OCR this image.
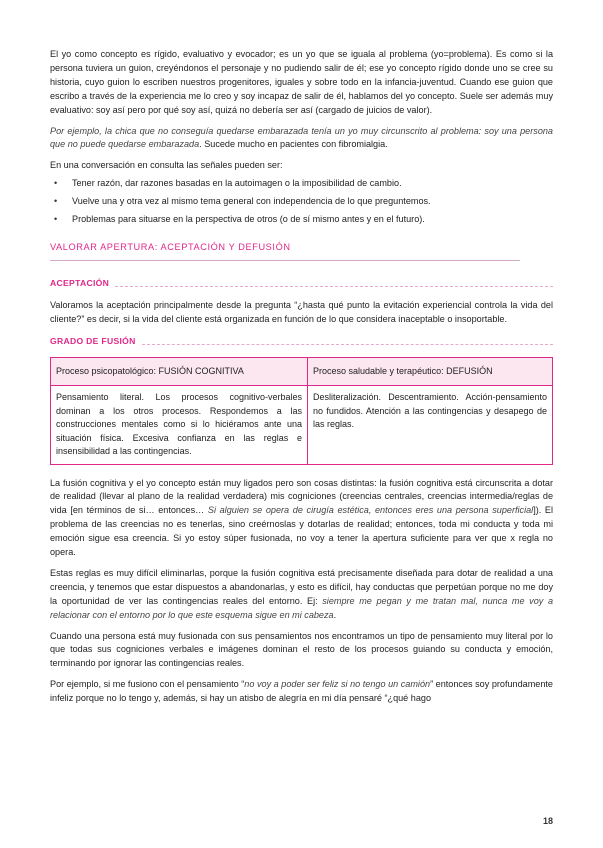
El yo como concepto es rígido, evaluativo y evocador; es un yo que se iguala al problema (yo=problema). Es como si la persona tuviera un guion, creyéndonos el personaje y no pudiendo salir de él; ese yo concepto rígido donde uno se cree su historia, cuyo guion lo escriben nuestros progenitores, iguales y sobre todo en la infancia-juventud. Cuando ese guion que escribo a través de la experiencia me lo creo y soy incapaz de salir de él, hablamos del yo concepto. Suele ser además muy evaluativo: soy así pero por qué soy así, quizá no debería ser así (cargado de juicios de valor).

Por ejemplo, la chica que no conseguía quedarse embarazada tenía un yo muy circunscrito al problema: soy una persona que no puede quedarse embarazada. Sucede mucho en pacientes con fibromialgia.

En una conversación en consulta las señales pueden ser:

• Tener razón, dar razones basadas en la autoimagen o la imposibilidad de cambio.
• Vuelve una y otra vez al mismo tema general con independencia de lo que preguntemos.
• Problemas para situarse en la perspectiva de otros (o de sí mismo antes y en el futuro).
VALORAR APERTURA: ACEPTACIÓN Y DEFUSIÓN
ACEPTACIÓN

Valoramos la aceptación principalmente desde la pregunta “¿hasta qué punto la evitación experiencial controla la vida del cliente?” es decir, si la vida del cliente está organizada en función de lo que considera inaceptable o insoportable.

GRADO DE FUSIÓN
Proceso psicopatológico: FUSIÓN COGNITIVA	Proceso saludable y terapéutico: DEFUSIÓN
Pensamiento literal. Los procesos cognitivo-verbales dominan a los otros procesos. Respondemos a las construcciones mentales como si lo hiciéramos ante una situación física. Excesiva confianza en las reglas e insensibilidad a las contingencias.	Desliteralización. Descentramiento. Acción-pensamiento no fundidos. Atención a las contingencias y desapego de las reglas.

La fusión cognitiva y el yo concepto están muy ligados pero son cosas distintas: la fusión cognitiva está circunscrita a dotar de realidad (llevar al plano de la realidad verdadera) mis cogniciones (creencias centrales, creencias intermedia/reglas de vida [en términos de si… entonces… Si alguien se opera de cirugía estética, entonces eres una persona superficial]). El problema de las creencias no es tenerlas, sino creérnoslas y dotarlas de realidad; entonces, toda mi conducta y toda mi emoción sigue esa creencia. Si yo estoy súper fusionada, no voy a tener la apertura suficiente para ver que x regla no opera.

Estas reglas es muy difícil eliminarlas, porque la fusión cognitiva está precisamente diseñada para dotar de realidad a una creencia, y tenemos que estar dispuestos a abandonarlas, y esto es difícil, hay conductas que perpetúan porque no me doy la oportunidad de ver las contingencias reales del entorno. Ej: siempre me pegan y me tratan mal, nunca me voy a relacionar con el entorno por lo que este esquema sigue en mi cabeza.

Cuando una persona está muy fusionada con sus pensamientos nos encontramos un tipo de pensamiento muy literal por lo que todas sus cogniciones verbales e imágenes dominan el resto de los procesos guiando su conducta y emoción, terminando por ignorar las contingencias reales.

Por ejemplo, si me fusiono con el pensamiento “no voy a poder ser feliz si no tengo un camión” entonces soy profundamente infeliz porque no lo tengo y, además, si hay un atisbo de alegría en mi día pensaré “¿qué hago

18
